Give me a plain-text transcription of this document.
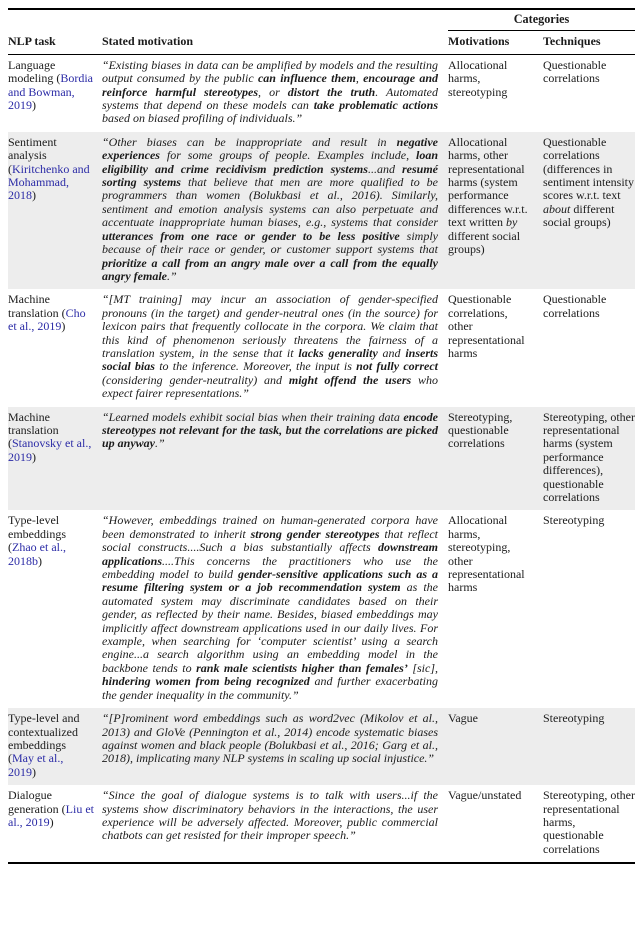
		Categories	
NLP task	Stated motivation	Motivations	Techniques

Language modeling (Bordia and Bowman, 2019)	“Existing biases in data can be amplified by models and the resulting output consumed by the public can influence them, encourage and reinforce harmful stereotypes, or distort the truth. Automated systems that depend on these models can take problematic actions based on biased profiling of individuals.”	Allocational harms, stereotyping	Questionable correlations

Sentiment analysis (Kiritchenko and Mohammad, 2018)	“Other biases can be inappropriate and result in negative experiences for some groups of people. Examples include, loan eligibility and crime recidivism prediction systems...and resumé sorting systems that believe that men are more qualified to be programmers than women (Bolukbasi et al., 2016). Similarly, sentiment and emotion analysis systems can also perpetuate and accentuate inappropriate human biases, e.g., systems that consider utterances from one race or gender to be less positive simply because of their race or gender, or customer support systems that prioritize a call from an angry male over a call from the equally angry female.”	Allocational harms, other representational harms (system performance differences w.r.t. text written by different social groups)	Questionable correlations (differences in sentiment intensity scores w.r.t. text about different social groups)

Machine translation (Cho et al., 2019)	“[MT training] may incur an association of gender-specified pronouns (in the target) and gender-neutral ones (in the source) for lexicon pairs that frequently collocate in the corpora. We claim that this kind of phenomenon seriously threatens the fairness of a translation system, in the sense that it lacks generality and inserts social bias to the inference. Moreover, the input is not fully correct (considering gender-neutrality) and might offend the users who expect fairer representations.”	Questionable correlations, other representational harms	Questionable correlations

Machine translation (Stanovsky et al., 2019)	“Learned models exhibit social bias when their training data encode stereotypes not relevant for the task, but the correlations are picked up anyway.”	Stereotyping, questionable correlations	Stereotyping, other representational harms (system performance differences), questionable correlations

Type-level embeddings (Zhao et al., 2018b)	“However, embeddings trained on human-generated corpora have been demonstrated to inherit strong gender stereotypes that reflect social constructs....Such a bias substantially affects downstream applications....This concerns the practitioners who use the embedding model to build gender-sensitive applications such as a resume filtering system or a job recommendation system as the automated system may discriminate candidates based on their gender, as reflected by their name. Besides, biased embeddings may implicitly affect downstream applications used in our daily lives. For example, when searching for ‘computer scientist’ using a search engine...a search algorithm using an embedding model in the backbone tends to rank male scientists higher than females’ [sic], hindering women from being recognized and further exacerbating the gender inequality in the community.”	Allocational harms, stereotyping, other representational harms	Stereotyping

Type-level and contextualized embeddings (May et al., 2019)	“[P]rominent word embeddings such as word2vec (Mikolov et al., 2013) and GloVe (Pennington et al., 2014) encode systematic biases against women and black people (Bolukbasi et al., 2016; Garg et al., 2018), implicating many NLP systems in scaling up social injustice.”	Vague	Stereotyping

Dialogue generation (Liu et al., 2019)	“Since the goal of dialogue systems is to talk with users...if the systems show discriminatory behaviors in the interactions, the user experience will be adversely affected. Moreover, public commercial chatbots can get resisted for their improper speech.”	Vague/unstated	Stereotyping, other representational harms, questionable correlations
